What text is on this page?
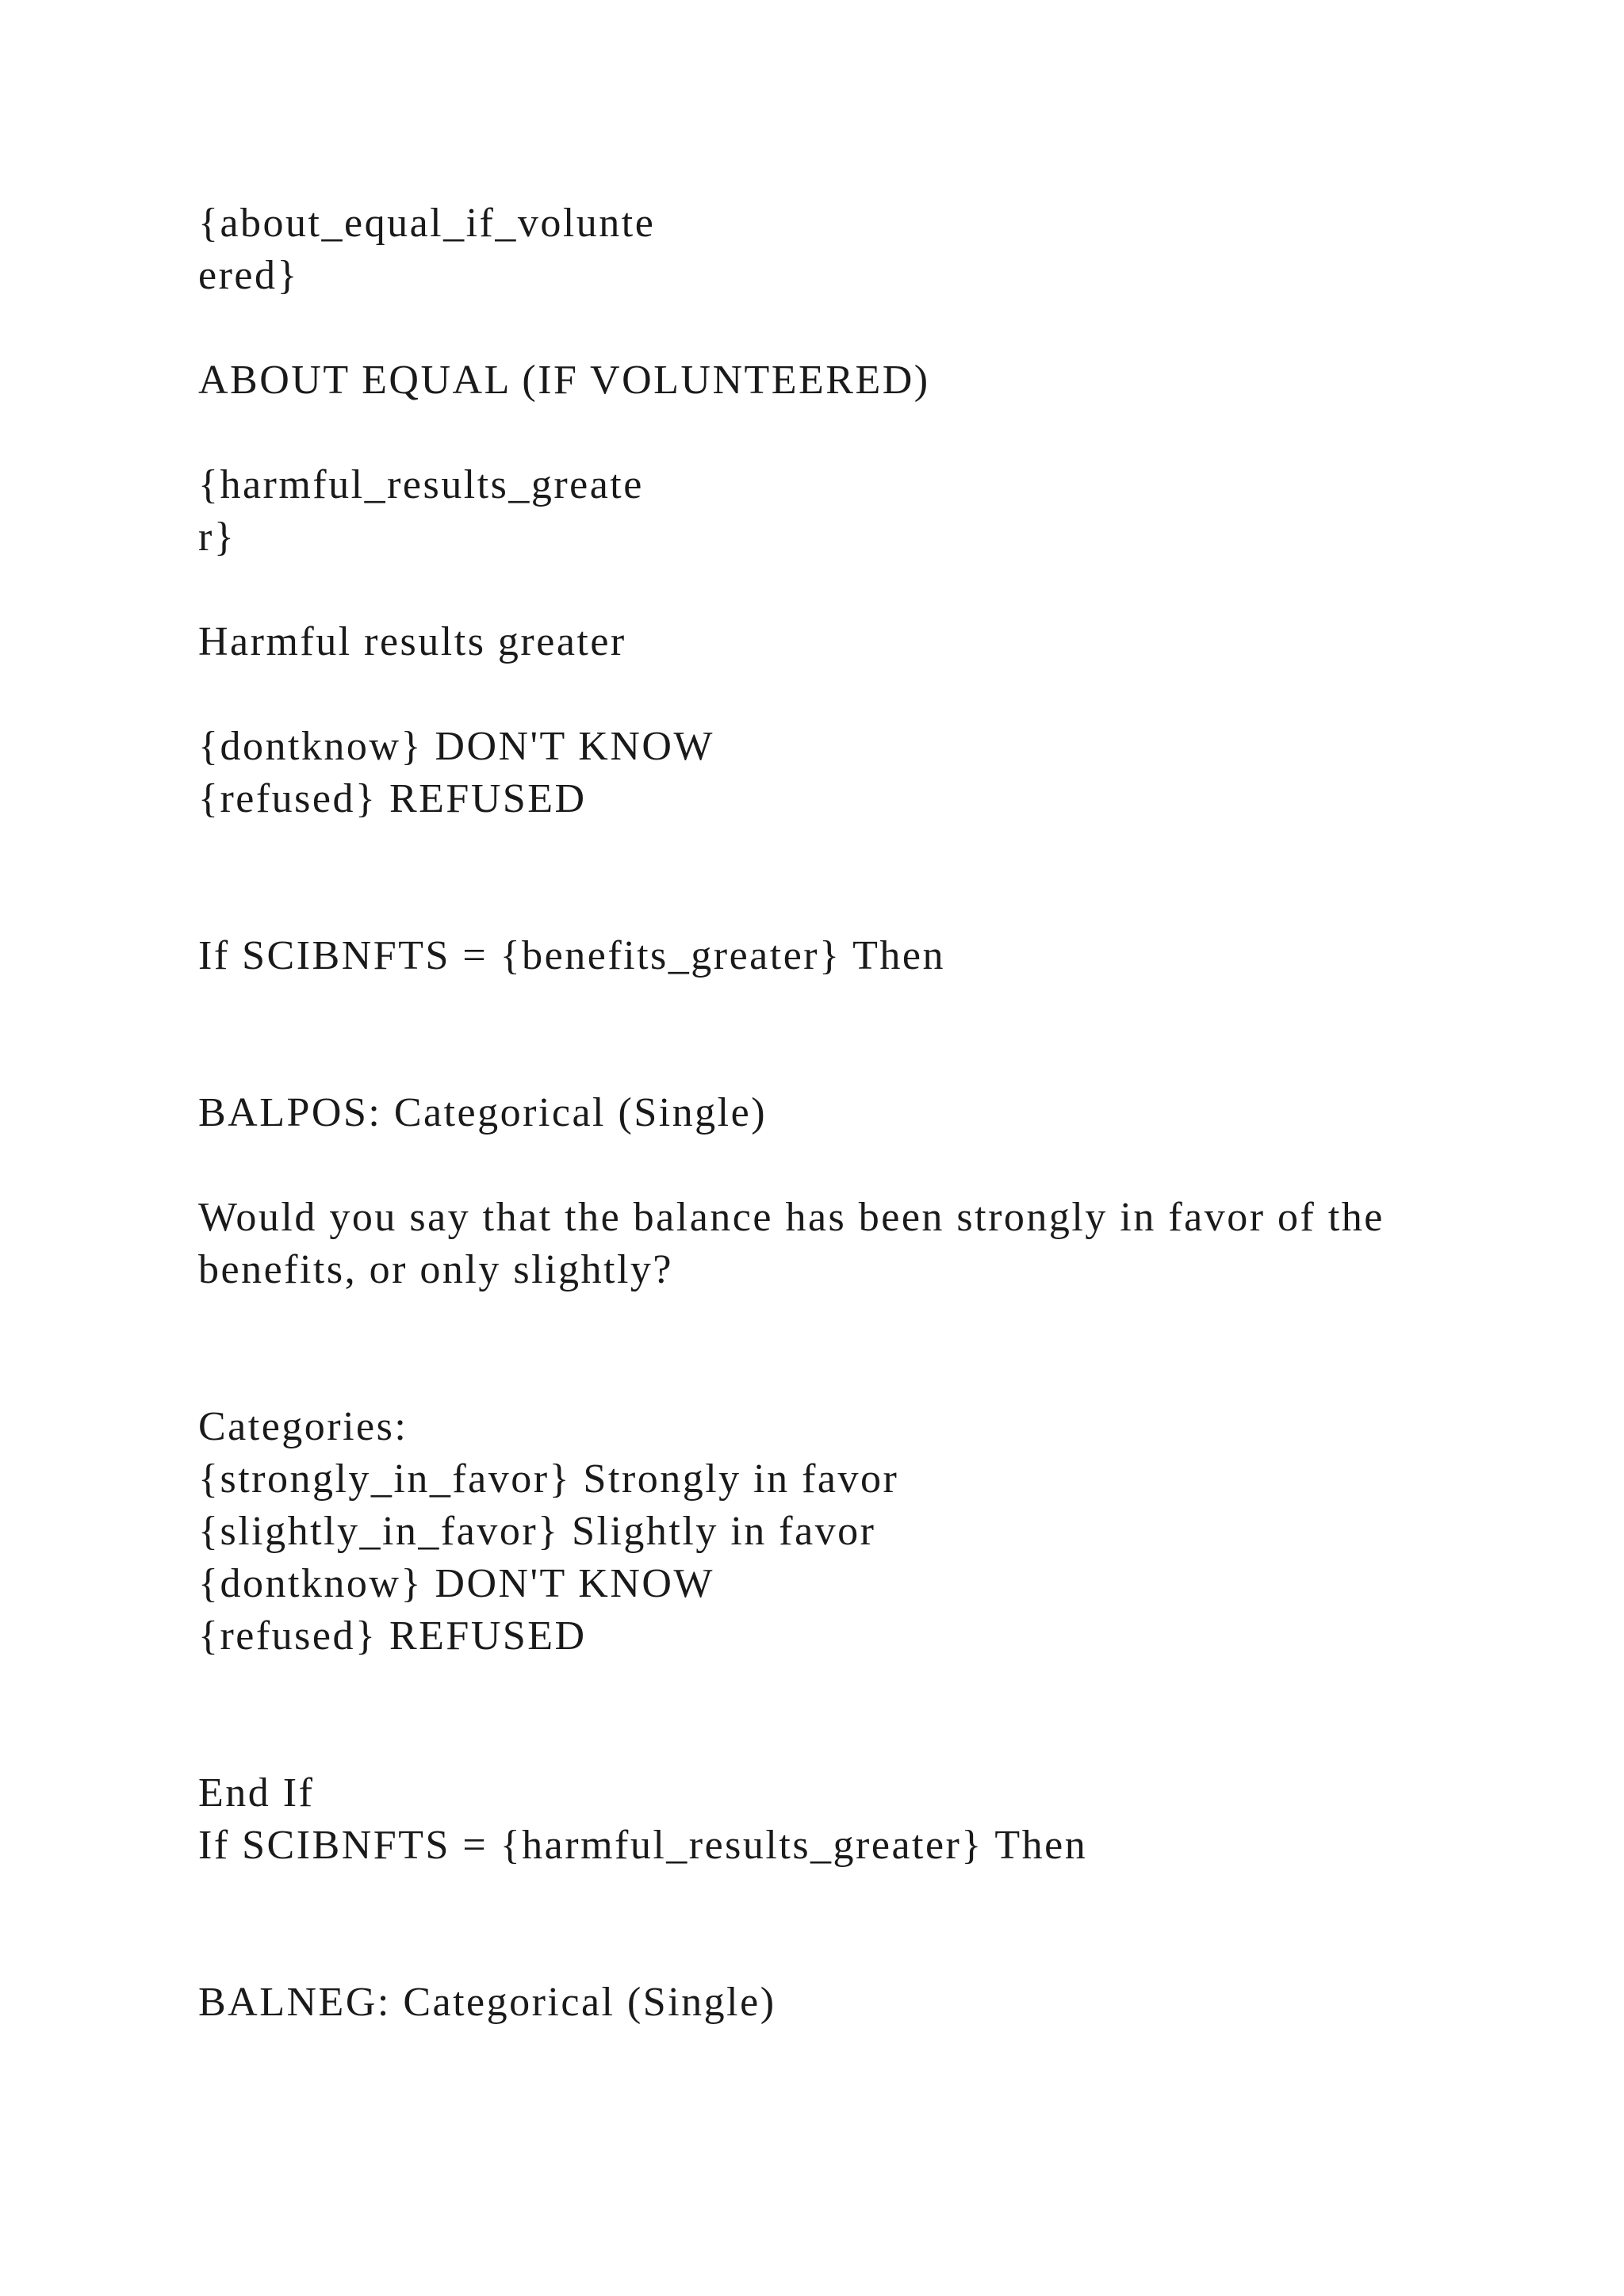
{about_equal_if_volunte

ered}

ABOUT EQUAL (IF VOLUNTEERED)

{harmful_results_greate

r}

Harmful results greater

{dontknow} DON'T KNOW

{refused} REFUSED

If SCIBNFTS = {benefits_greater} Then

BALPOS: Categorical (Single)

Would you say that the balance has been strongly in favor of the

benefits, or only slightly?

Categories:

{strongly_in_favor} Strongly in favor

{slightly_in_favor} Slightly in favor

{dontknow} DON'T KNOW

{refused} REFUSED

End If

If SCIBNFTS = {harmful_results_greater} Then

BALNEG: Categorical (Single)
